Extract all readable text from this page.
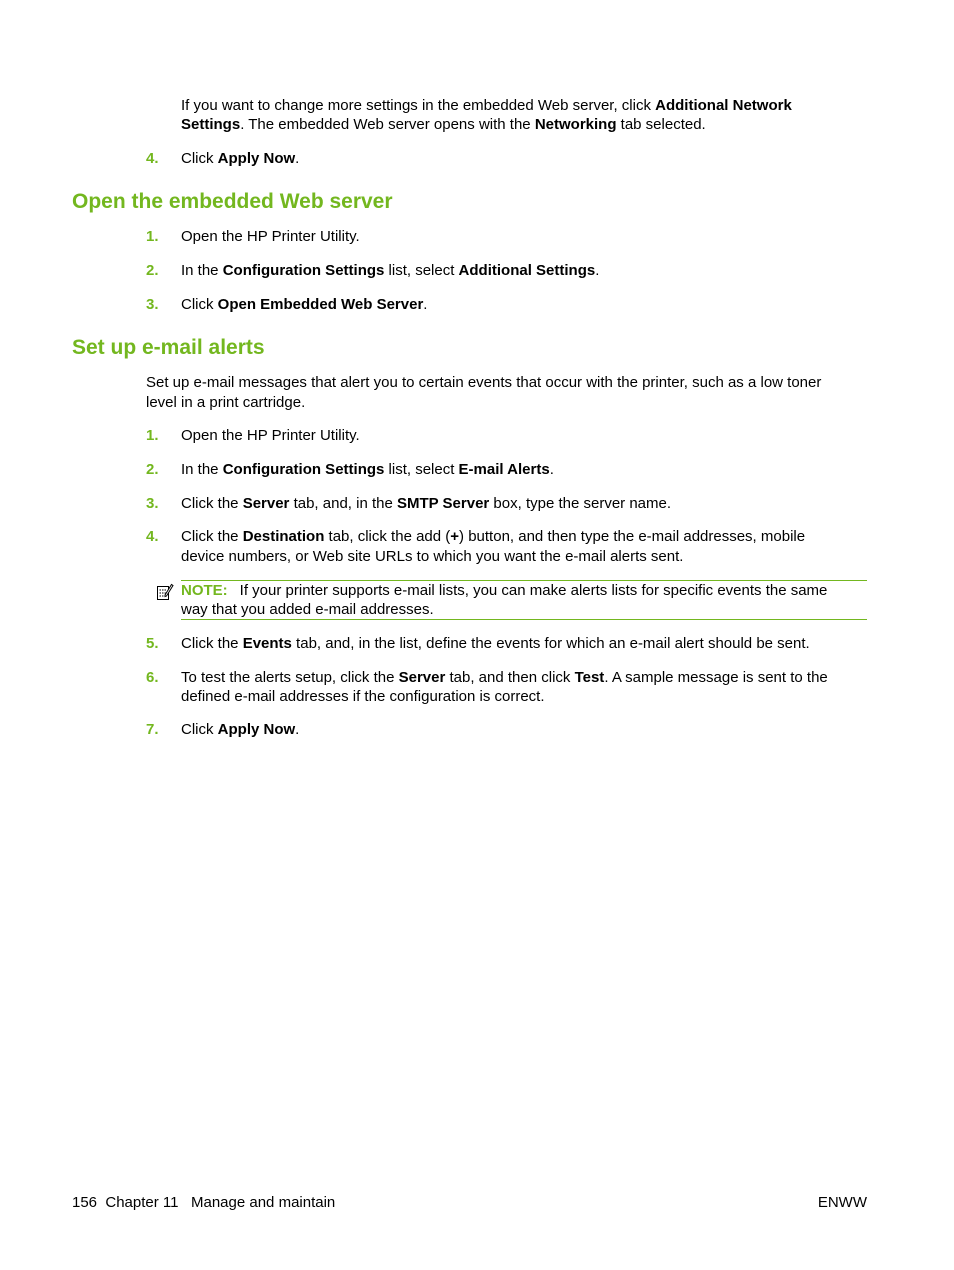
If you want to change more settings in the embedded Web server, click Additional Network
Settings. The embedded Web server opens with the Networking tab selected.
4. Click Apply Now.
Open the embedded Web server
1. Open the HP Printer Utility.
2. In the Configuration Settings list, select Additional Settings.
3. Click Open Embedded Web Server.
Set up e-mail alerts
Set up e-mail messages that alert you to certain events that occur with the printer, such as a low toner
level in a print cartridge.
1. Open the HP Printer Utility.
2. In the Configuration Settings list, select E-mail Alerts.
3. Click the Server tab, and, in the SMTP Server box, type the server name.
4. Click the Destination tab, click the add (+) button, and then type the e-mail addresses, mobile
device numbers, or Web site URLs to which you want the e-mail alerts sent.
NOTE: If your printer supports e-mail lists, you can make alerts lists for specific events the same
way that you added e-mail addresses.
5. Click the Events tab, and, in the list, define the events for which an e-mail alert should be sent.
6. To test the alerts setup, click the Server tab, and then click Test. A sample message is sent to the
defined e-mail addresses if the configuration is correct.
7. Click Apply Now.
156 Chapter 11 Manage and maintain	ENWW
